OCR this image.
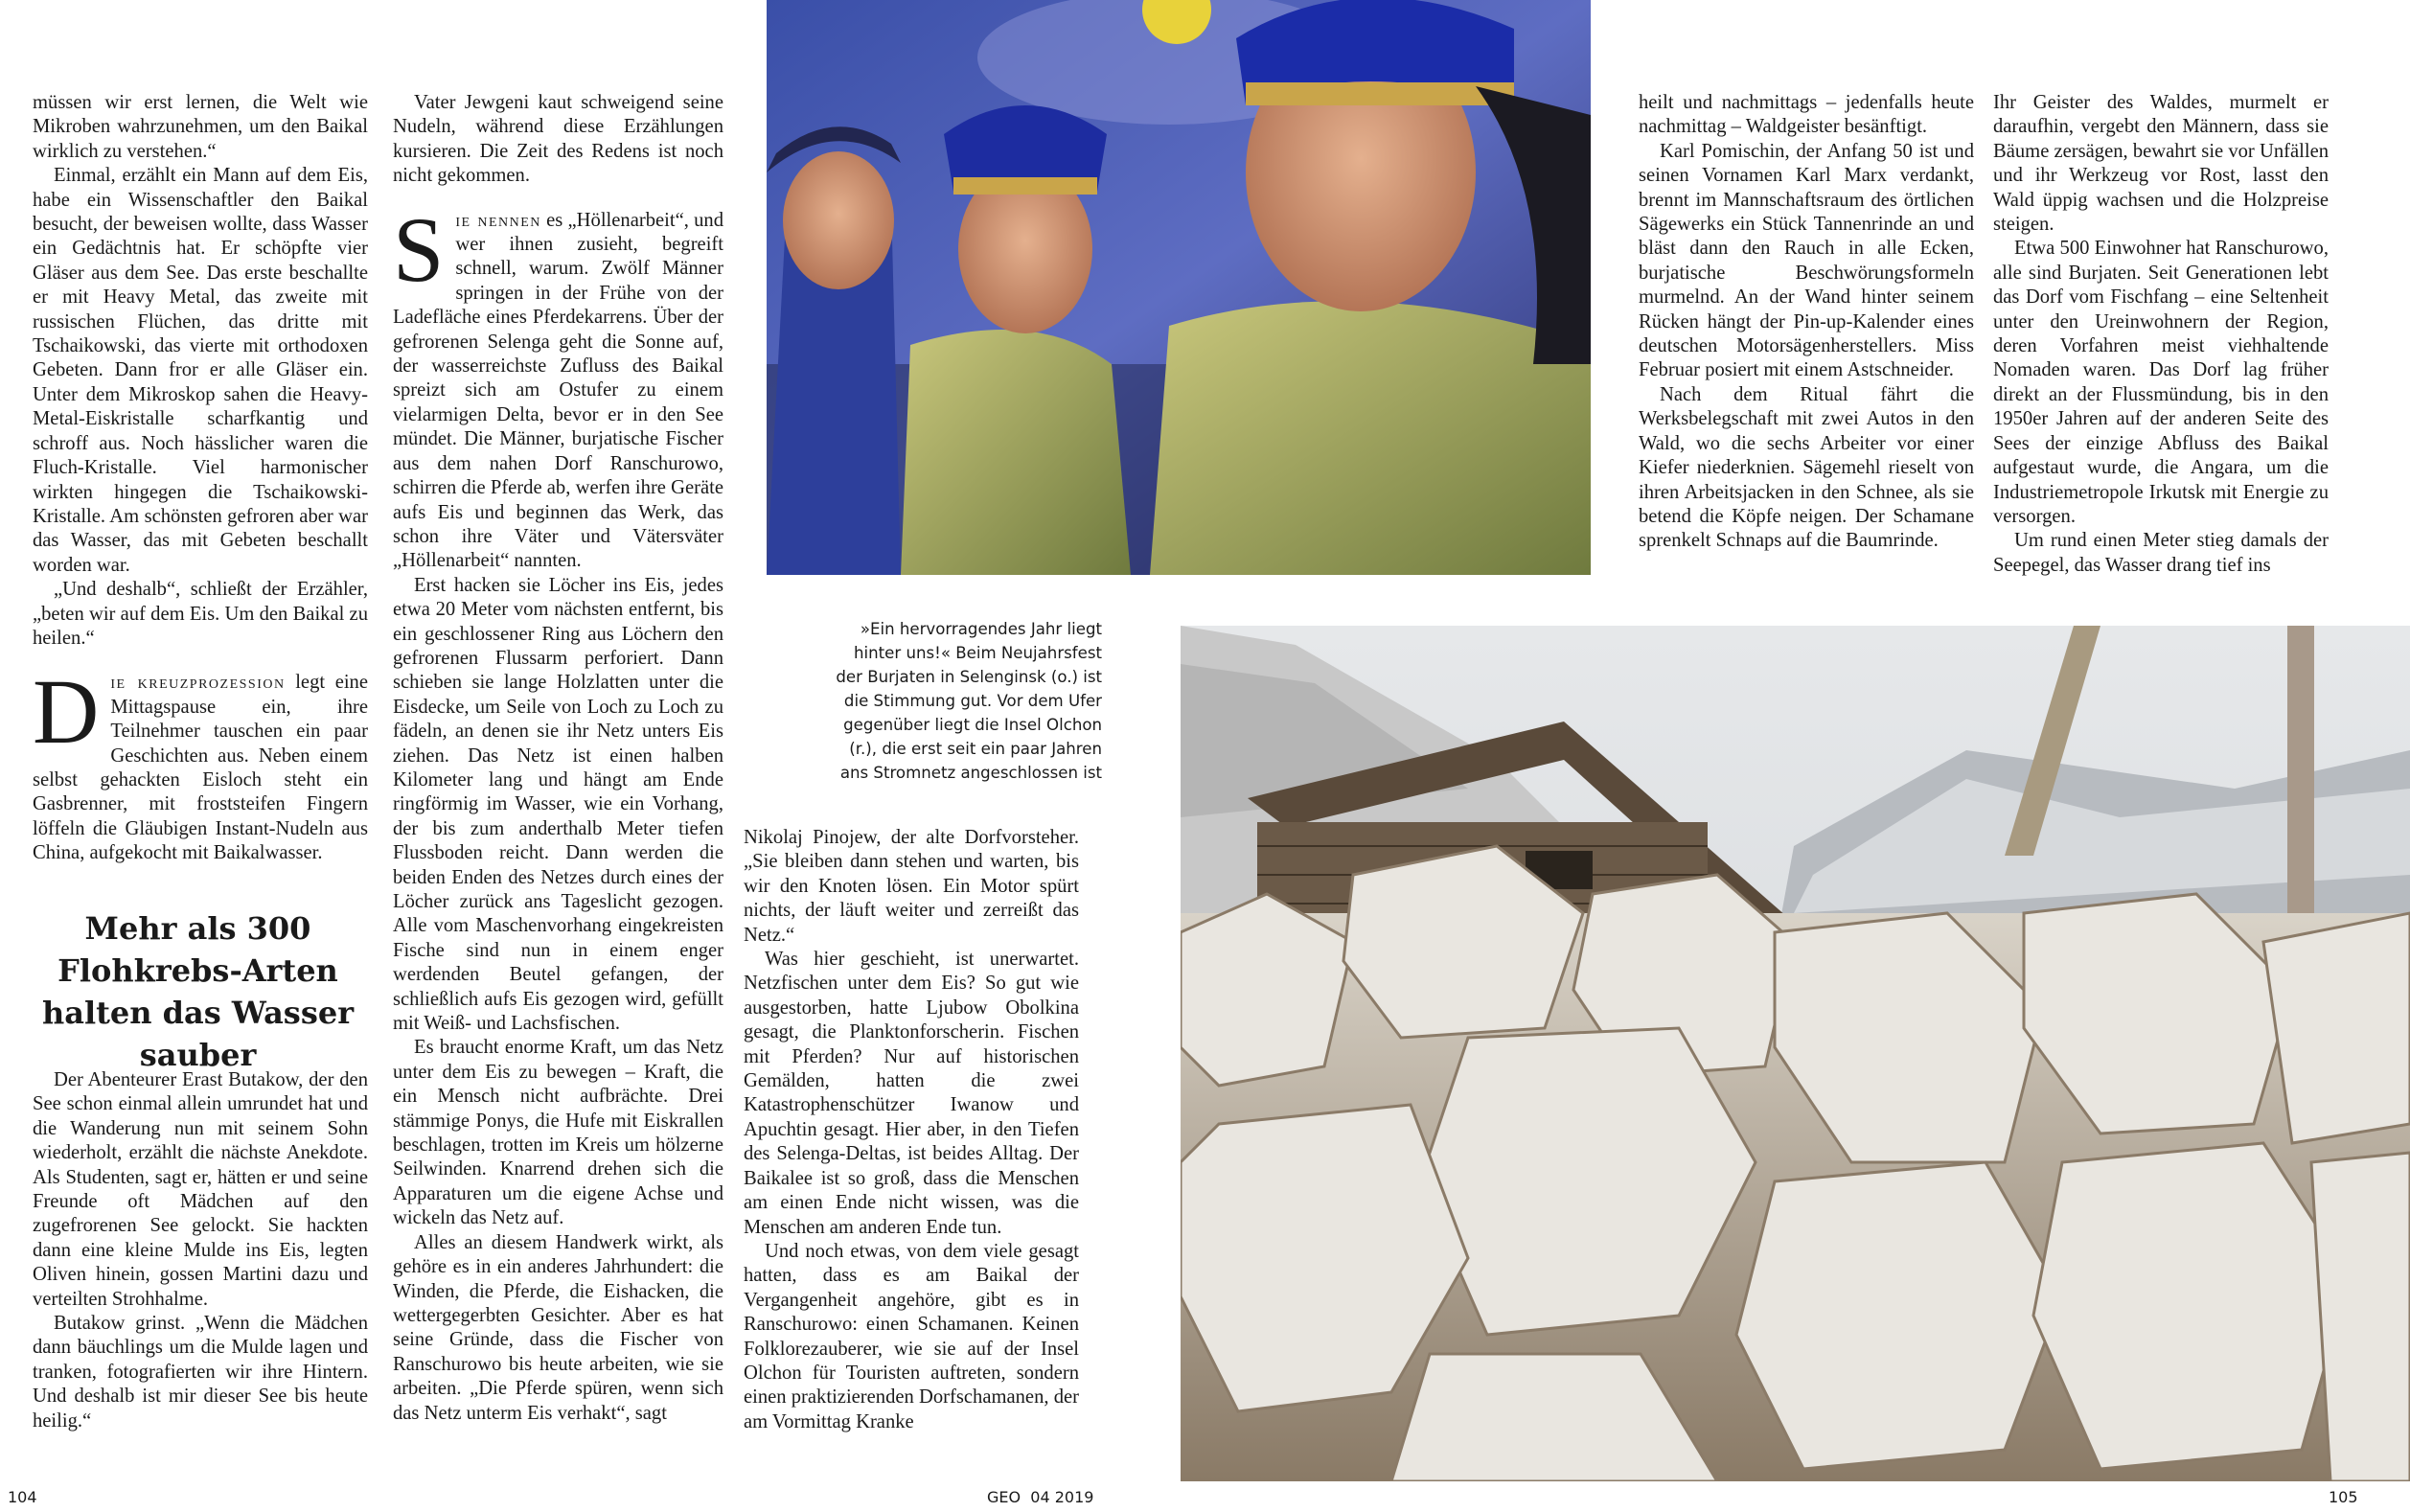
müssen wir erst lernen, die Welt wie Mikroben wahrzunehmen, um den Baikal wirklich zu verstehen.“

Einmal, erzählt ein Mann auf dem Eis, habe ein Wissenschaftler den Baikal besucht, der beweisen wollte, dass Wasser ein Gedächtnis hat. Er schöpfte vier Gläser aus dem See. Das erste beschallte er mit Heavy Metal, das zweite mit russischen Flüchen, das dritte mit Tschaikowski, das vierte mit orthodoxen Gebeten. Dann fror er alle Gläser ein. Unter dem Mikroskop sahen die Heavy-Metal-Eiskristalle scharfkantig und schroff aus. Noch hässlicher waren die Fluch-Kristalle. Viel harmonischer wirkten hingegen die Tschaikowski-Kristalle. Am schönsten gefroren aber war das Wasser, das mit Gebeten beschallt worden war.

„Und deshalb“, schließt der Erzähler, „beten wir auf dem Eis. Um den Baikal zu heilen.“

Die kreuzprozession legt eine Mittagspause ein, ihre Teilnehmer tauschen ein paar Geschichten aus. Neben einem selbst gehackten Eisloch steht ein Gasbrenner, mit froststeifen Fingern löffeln die Gläubigen Instant-Nudeln aus China, aufgekocht mit Baikalwasser.

Mehr als 300 Flohkrebs-Arten halten das Wasser sauber

Der Abenteurer Erast Butakow, der den See schon einmal allein umrundet hat und die Wanderung nun mit seinem Sohn wiederholt, erzählt die nächste Anekdote. Als Studenten, sagt er, hätten er und seine Freunde oft Mädchen auf den zugefrorenen See gelockt. Sie hackten dann eine kleine Mulde ins Eis, legten Oliven hinein, gossen Martini dazu und verteilten Strohhalme.

Butakow grinst. „Wenn die Mädchen dann bäuchlings um die Mulde lagen und tranken, fotografierten wir ihre Hintern. Und deshalb ist mir dieser See bis heute heilig.“

Vater Jewgeni kaut schweigend seine Nudeln, während diese Erzählungen kursieren. Die Zeit des Redens ist noch nicht gekommen.

Sie nennen es „Höllenarbeit“, und wer ihnen zusieht, begreift schnell, warum. Zwölf Männer springen in der Frühe von der Ladefläche eines Pferdekarrens. Über der gefrorenen Selenga geht die Sonne auf, der wasserreichste Zufluss des Baikal spreizt sich am Ostufer zu einem vielarmigen Delta, bevor er in den See mündet. Die Männer, burjatische Fischer aus dem nahen Dorf Ranschurowo, schirren die Pferde ab, werfen ihre Geräte aufs Eis und beginnen das Werk, das schon ihre Väter und Vätersväter „Höllenarbeit“ nannten.

Erst hacken sie Löcher ins Eis, jedes etwa 20 Meter vom nächsten entfernt, bis ein geschlossener Ring aus Löchern den gefrorenen Flussarm perforiert. Dann schieben sie lange Holzlatten unter die Eisdecke, um Seile von Loch zu Loch zu fädeln, an denen sie ihr Netz unters Eis ziehen. Das Netz ist einen halben Kilometer lang und hängt am Ende ringförmig im Wasser, wie ein Vorhang, der bis zum anderthalb Meter tiefen Flussboden reicht. Dann werden die beiden Enden des Netzes durch eines der Löcher zurück ans Tageslicht gezogen. Alle vom Maschenvorhang eingekreisten Fische sind nun in einem enger werdenden Beutel gefangen, der schließlich aufs Eis gezogen wird, gefüllt mit Weiß- und Lachsfischen.

Es braucht enorme Kraft, um das Netz unter dem Eis zu bewegen – Kraft, die ein Mensch nicht aufbrächte. Drei stämmige Ponys, die Hufe mit Eiskrallen beschlagen, trotten im Kreis um hölzerne Seilwinden. Knarrend drehen sich die Apparaturen um die eigene Achse und wickeln das Netz auf.

Alles an diesem Handwerk wirkt, als gehöre es in ein anderes Jahrhundert: die Winden, die Pferde, die Eishacken, die wettergegerbten Gesichter. Aber es hat seine Gründe, dass die Fischer von Ranschurowo bis heute arbeiten, wie sie arbeiten. „Die Pferde spüren, wenn sich das Netz unterm Eis verhakt“, sagt

»Ein hervorragendes Jahr liegt
hinter uns!« Beim Neujahrsfest
der Burjaten in Selenginsk (o.) ist
die Stimmung gut. Vor dem Ufer
gegenüber liegt die Insel Olchon
(r.), die erst seit ein paar Jahren
ans Stromnetz angeschlossen ist

Nikolaj Pinojew, der alte Dorfvorsteher. „Sie bleiben dann stehen und warten, bis wir den Knoten lösen. Ein Motor spürt nichts, der läuft weiter und zerreißt das Netz.“

Was hier geschieht, ist unerwartet. Netzfischen unter dem Eis? So gut wie ausgestorben, hatte Ljubow Obolkina gesagt, die Planktonforscherin. Fischen mit Pferden? Nur auf historischen Gemälden, hatten die zwei Katastrophenschützer Iwanow und Apuchtin gesagt. Hier aber, in den Tiefen des Selenga-Deltas, ist beides Alltag. Der Baikalee ist so groß, dass die Menschen am einen Ende nicht wissen, was die Menschen am anderen Ende tun.

Und noch etwas, von dem viele gesagt hatten, dass es am Baikal der Vergangenheit angehöre, gibt es in Ranschurowo: einen Schamanen. Keinen Folklorezauberer, wie sie auf der Insel Olchon für Touristen auftreten, sondern einen praktizierenden Dorfschamanen, der am Vormittag Kranke

heilt und nachmittags – jedenfalls heute nachmittag – Waldgeister besänftigt.

Karl Pomischin, der Anfang 50 ist und seinen Vornamen Karl Marx verdankt, brennt im Mannschaftsraum des örtlichen Sägewerks ein Stück Tannenrinde an und bläst dann den Rauch in alle Ecken, burjatische Beschwörungsformeln murmelnd. An der Wand hinter seinem Rücken hängt der Pin-up-Kalender eines deutschen Motorsägenherstellers. Miss Februar posiert mit einem Astschneider.

Nach dem Ritual fährt die Werksbelegschaft mit zwei Autos in den Wald, wo die sechs Arbeiter vor einer Kiefer niederknien. Sägemehl rieselt von ihren Arbeitsjacken in den Schnee, als sie betend die Köpfe neigen. Der Schamane sprenkelt Schnaps auf die Baumrinde.

Ihr Geister des Waldes, murmelt er daraufhin, vergebt den Männern, dass sie Bäume zersägen, bewahrt sie vor Unfällen und ihr Werkzeug vor Rost, lasst den Wald üppig wachsen und die Holzpreise steigen.

Etwa 500 Einwohner hat Ranschurowo, alle sind Burjaten. Seit Generationen lebt das Dorf vom Fischfang – eine Seltenheit unter den Ureinwohnern der Region, deren Vorfahren meist viehhaltende Nomaden waren. Das Dorf lag früher direkt an der Flussmündung, bis in den 1950er Jahren auf der anderen Seite des Sees der einzige Abfluss des Baikal aufgestaut wurde, die Angara, um die Industriemetropole Irkutsk mit Energie zu versorgen.

Um rund einen Meter stieg damals der Seepegel, das Wasser drang tief ins

104	GEO  04 2019	105
